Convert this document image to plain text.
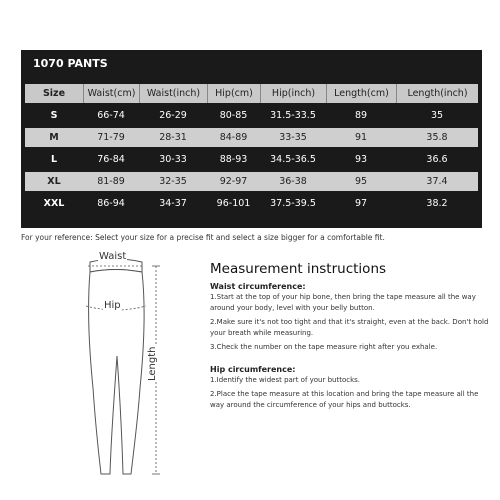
1070 PANTS
Size	Waist(cm)	Waist(inch)	Hip(cm)	Hip(inch)	Length(cm)	Length(inch)
S	66-74	26-29	80-85	31.5-33.5	89	35
M	71-79	28-31	84-89	33-35	91	35.8
L	76-84	30-33	88-93	34.5-36.5	93	36.6
XL	81-89	32-35	92-97	36-38	95	37.4
XXL	86-94	34-37	96-101	37.5-39.5	97	38.2
For your reference: Select your size for a precise fit and select a size bigger for a comfortable fit.
Waist
Hip
Length
Measurement instructions
Waist circumference:

1.Start at the top of your hip bone, then bring the tape measure all the way around your body, level with your belly button.

2.Make sure it's not too tight and that it's straight, even at the back. Don't hold your breath while measuring.

3.Check the number on the tape measure right after you exhale.

Hip circumference:

1.Identify the widest part of your buttocks.

2.Place the tape measure at this location and bring the tape measure all the way around the circumference of your hips and buttocks.
